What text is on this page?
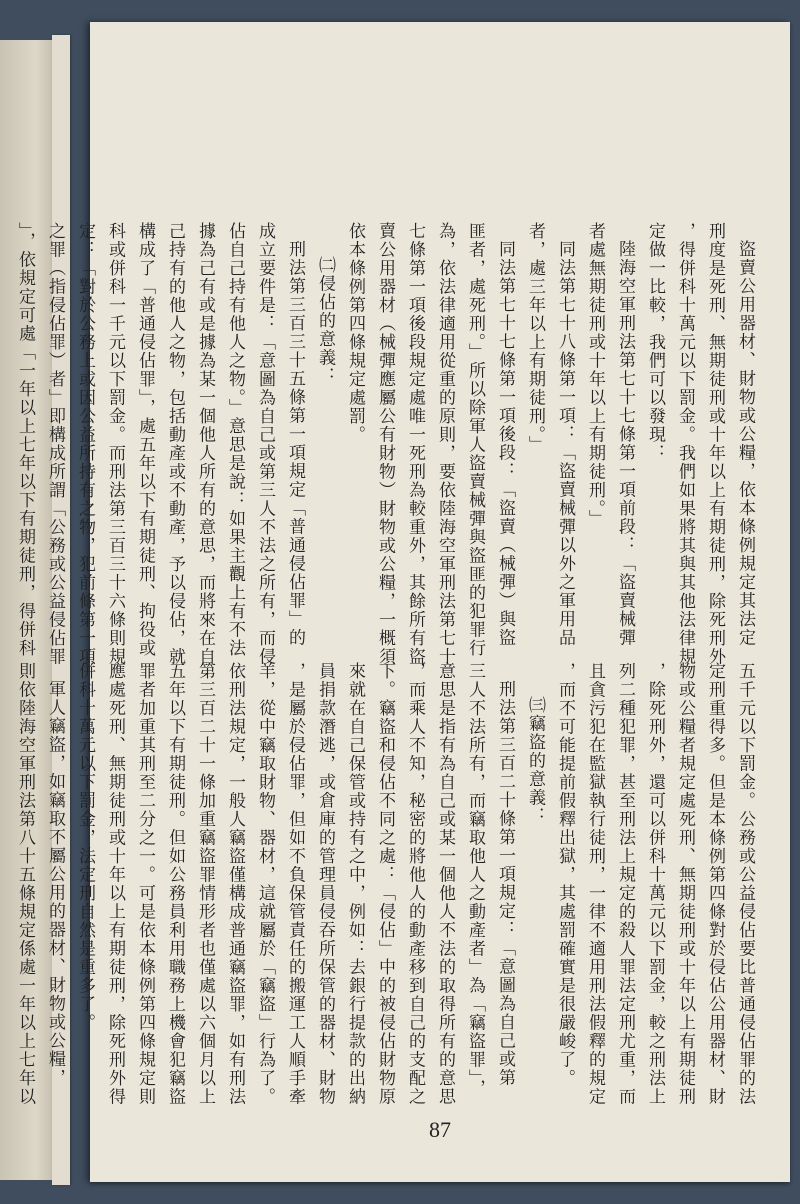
盜賣公用器材、財物或公糧，依本條例規定其法定
刑度是死刑、無期徒刑或十年以上有期徒刑，除死刑外
，得併科十萬元以下罰金。我們如果將其與其他法律規
定做一比較，我們可以發現：
陸海空軍刑法第七十七條第一項前段：「盜賣械彈
者處無期徒刑或十年以上有期徒刑。」
同法第七十八條第一項：「盜賣械彈以外之軍用品
者，處三年以上有期徒刑。」
同法第七十七條第一項後段：「盜賣（械彈）與盜
匪者，處死刑。」所以除軍人盜賣械彈與盜匪的犯罪行
為，依法律適用從重的原則，要依陸海空軍刑法第七十
七條第一項後段規定處唯一死刑為較重外，其餘所有盜
賣公用器材（械彈應屬公有財物）財物或公糧，一概須
依本條例第四條規定處罰。
㈡侵佔的意義：
刑法第三百三十五條第一項規定「普通侵佔罪」的
成立要件是：「意圖為自己或第三人不法之所有，而侵
佔自己持有他人之物。」意思是說：如果主觀上有不法
據為己有或是據為某一個他人所有的意思，而將來在自
己持有的他人之物，包括動產或不動產，予以侵佔，就
構成了「普通侵佔罪」，處五年以下有期徒刑、拘役或
科或併科一千元以下罰金。而刑法第三百三十六條則規
定：「對於公務上或因公益所持有之物，犯前條第一項
之罪（指侵佔罪）者」即構成所謂「公務或公益侵佔罪
」，依規定可處「一年以上七年以下有期徒刑，得併科
五千元以下罰金。公務或公益侵佔要比普通侵佔罪的法
定刑重得多。但是本條例第四條對於侵佔公用器材、財
物或公糧者規定處死刑、無期徒刑或十年以上有期徒刑
，除死刑外，還可以併科十萬元以下罰金，較之刑法上
列二種犯罪，甚至刑法上規定的殺人罪法定刑尤重，而
且貪污犯在監獄執行徒刑，一律不適用刑法假釋的規定
，而不可能提前假釋出獄，其處罰確實是很嚴峻了。
㈢竊盜的意義：
刑法第三百二十條第一項規定：「意圖為自己或第
三人不法所有，而竊取他人之動產者」為「竊盜罪」，
意思是指有為自己或某一個他人不法的取得所有的意思
，而乘人不知，秘密的將他人的動產移到自己的支配之
下。竊盜和侵佔不同之處：「侵佔」中的被侵佔財物原
來就在自己保管或持有之中，例如：去銀行提款的出納
員捐款潛逃，或倉庫的管理員侵吞所保管的器材、財物
，是屬於侵佔罪，但如不負保管責任的搬運工人順手牽
羊，從中竊取財物、器材，這就屬於「竊盜」行為了。
依刑法規定，一般人竊盜僅構成普通竊盜罪，如有刑法
第三百二十一條加重竊盜罪情形者也僅處以六個月以上
五年以下有期徒刑。但如公務員利用職務上機會犯竊盜
罪者加重其刑至二分之一。可是依本條例第四條規定則
應處死刑、無期徒刑或十年以上有期徒刑，除死刑外得
併科十萬元以下罰金，法定刑自然是重多了。
軍人竊盜，如竊取不屬公用的器材、財物或公糧，
則依陸海空軍刑法第八十五條規定係處一年以上七年以
87
